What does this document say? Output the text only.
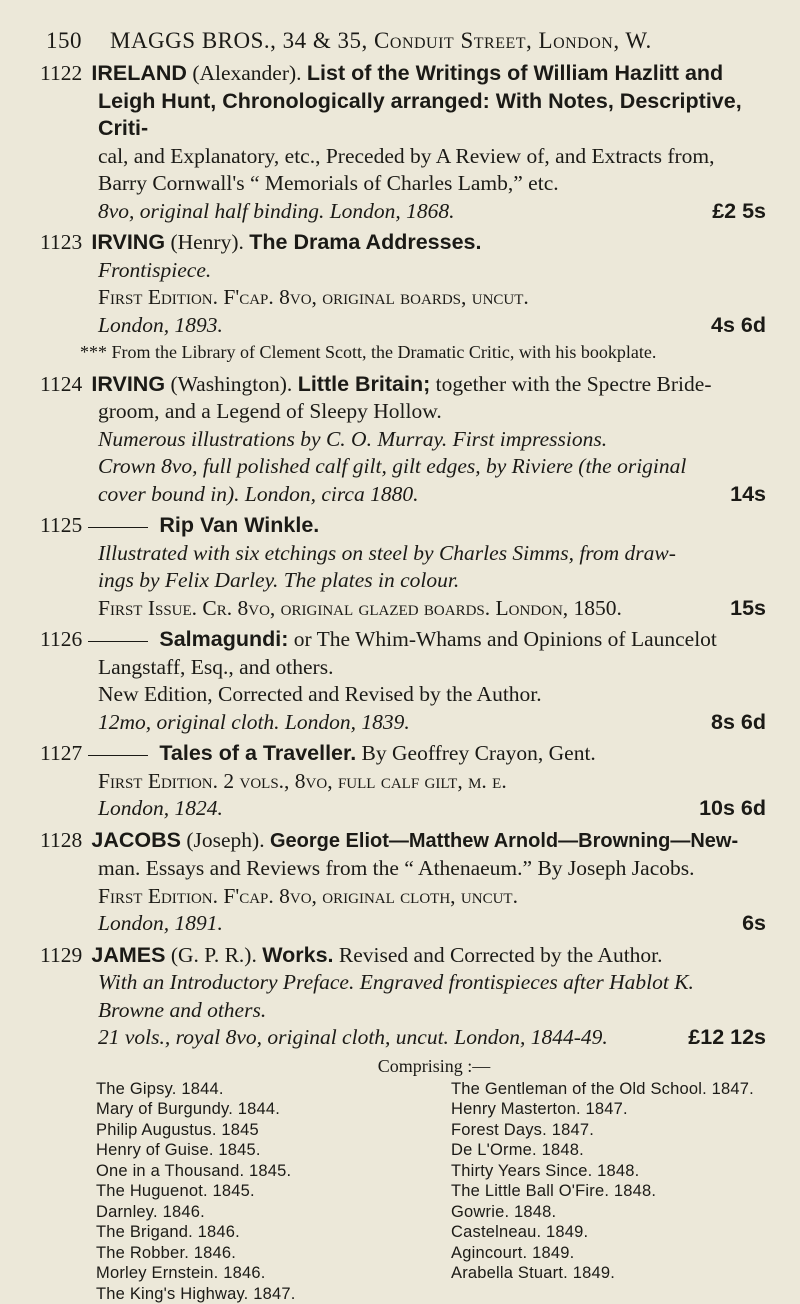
150 MAGGS BROS., 34 & 35, Conduit Street, London, W.
1122 IRELAND (Alexander). List of the Writings of William Hazlitt and
Leigh Hunt, Chronologically arranged: With Notes, Descriptive, Criti-
cal, and Explanatory, etc., Preceded by A Review of, and Extracts from,
Barry Cornwall's “ Memorials of Charles Lamb,” etc.
8vo, original half binding. London, 1868.	£2 5s
1123 IRVING (Henry). The Drama Addresses.
Frontispiece.
First Edition. F'cap. 8vo, original boards, uncut.
London, 1893.	4s 6d
*** From the Library of Clement Scott, the Dramatic Critic, with his bookplate.
1124 IRVING (Washington). Little Britain; together with the Spectre Bride-
groom, and a Legend of Sleepy Hollow.
Numerous illustrations by C. O. Murray. First impressions.
Crown 8vo, full polished calf gilt, gilt edges, by Riviere (the original
cover bound in). London, circa 1880.	14s
1125	Rip Van Winkle.
Illustrated with six etchings on steel by Charles Simms, from draw-
ings by Felix Darley. The plates in colour.
First Issue. Cr. 8vo, original glazed boards. London, 1850.	15s
1126	Salmagundi: or The Whim-Whams and Opinions of Launcelot
Langstaff, Esq., and others.
New Edition, Corrected and Revised by the Author.
12mo, original cloth. London, 1839.	8s 6d
1127	Tales of a Traveller. By Geoffrey Crayon, Gent.
First Edition. 2 vols., 8vo, full calf gilt, m. e.
London, 1824.	10s 6d
1128 JACOBS (Joseph). George Eliot—Matthew Arnold—Browning—New-
man. Essays and Reviews from the “ Athenaeum.” By Joseph Jacobs.
First Edition. F'cap. 8vo, original cloth, uncut.
London, 1891.	6s
1129 JAMES (G. P. R.). Works. Revised and Corrected by the Author.
With an Introductory Preface. Engraved frontispieces after Hablot K.
Browne and others.
21 vols., royal 8vo, original cloth, uncut. London, 1844-49.	£12 12s
Comprising :—
The Gipsy. 1844.
Mary of Burgundy. 1844.
Philip Augustus. 1845
Henry of Guise. 1845.
One in a Thousand. 1845.
The Huguenot. 1845.
Darnley. 1846.
The Brigand. 1846.
The Robber. 1846.
Morley Ernstein. 1846.
The King's Highway. 1847.
The Gentleman of the Old School. 1847.
Henry Masterton. 1847.
Forest Days. 1847.
De L'Orme. 1848.
Thirty Years Since. 1848.
The Little Ball O'Fire. 1848.
Gowrie. 1848.
Castelneau. 1849.
Agincourt. 1849.
Arabella Stuart. 1849.
